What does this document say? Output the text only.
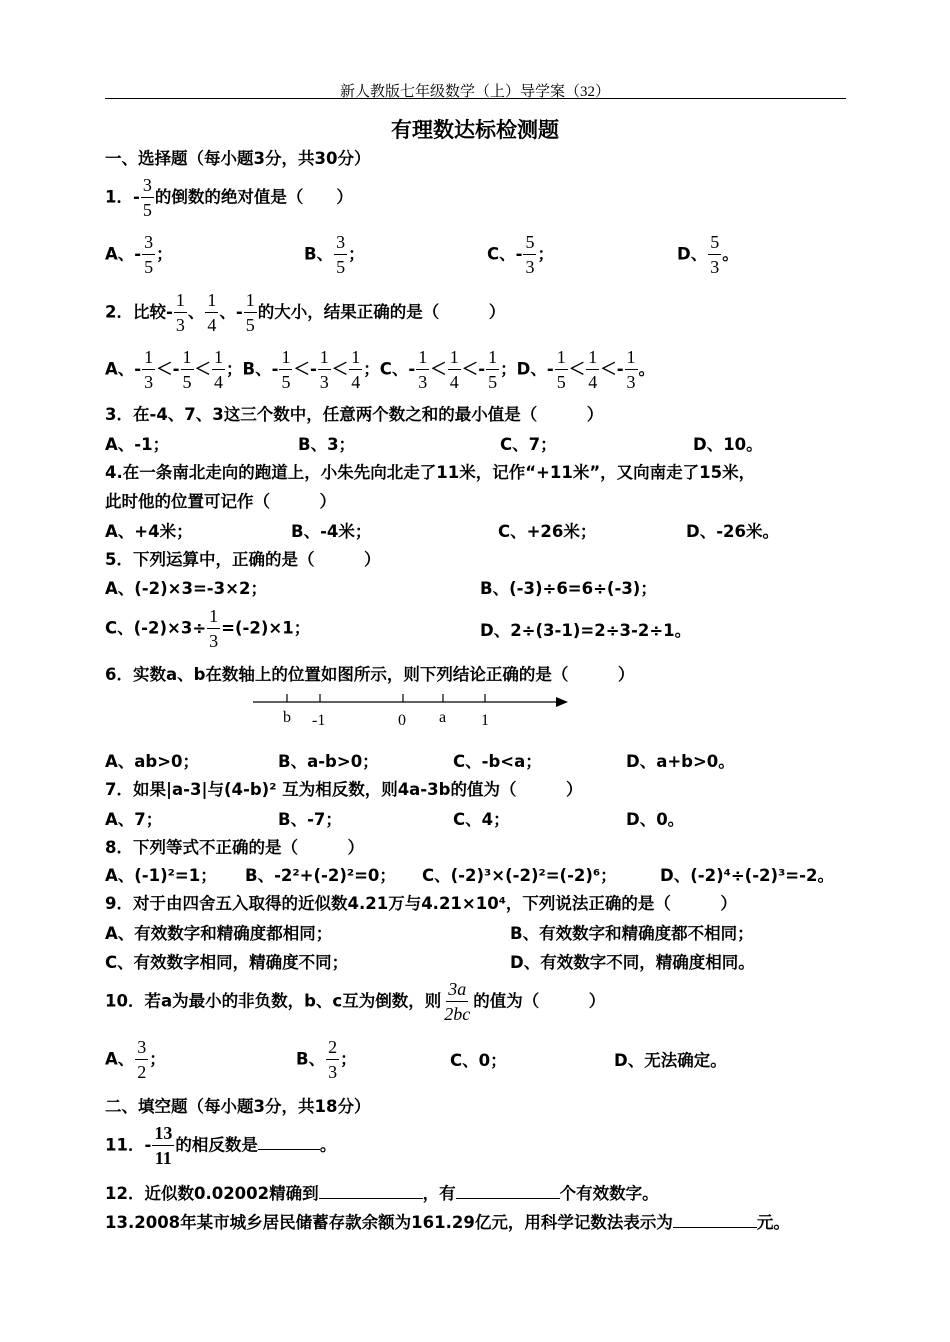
新人教版七年级数学（上）导学案（32）
有理数达标检测题
一、选择题（每小题3分，共30分）
1．- $\frac{3}{5}$ 的倒数的绝对值是（　　）
A、- $\frac{3}{5}$ ；	B、 $\frac{3}{5}$ ；	C、- $\frac{5}{3}$ ；	D、 $\frac{5}{3}$ 。
2．比较- $\frac{1}{3}$ 、 $\frac{1}{4}$ 、- $\frac{1}{5}$ 的大小，结果正确的是（　　　）
A、- $\frac{1}{3} <- \frac{1}{5} < \frac{1}{4}$ ；B、- $\frac{1}{5} <- \frac{1}{3} < \frac{1}{4}$ ；C、- $\frac{1}{3} < \frac{1}{4} <- \frac{1}{5}$ ；D、- $\frac{1}{5} < \frac{1}{4} <- \frac{1}{3}$ 。
3．在-4、7、3这三个数中，任意两个数之和的最小值是（　　　）
A、-1；	B、3；	C、7；	D、10。
4.在一条南北走向的跑道上，小朱先向北走了11米，记作“+11米”，又向南走了15米，
此时他的位置可记作（　　　）
A、+4米；	B、-4米；	C、+26米；	D、-26米。
5．下列运算中，正确的是（　　　）
A、(-2)×3=-3×2；	B、(-3)÷6=6÷(-3)；
C、$(-2)\times 3\div \frac{1}{3} =(-2)\times 1$；	D、2÷(3-1)=2÷3-2÷1。
6．实数a、b在数轴上的位置如图所示，则下列结论正确的是（　　　）
b -1	0 a 1
A、ab>0；	B、a-b>0；	C、-b<a；	D、a+b>0。
7．如果|a-3|与(4-b)² 互为相反数，则4a-3b的值为（　　　）
A、7；	B、-7；	C、4；	D、0。
8．下列等式不正确的是（　　　）
A、(-1)²=1； B、-2²+(-2)²=0； C、(-2)³×(-2)²=(-2)⁶；	D、(-2)⁴÷(-2)³=-2。
9．对于由四舍五入取得的近似数4.21万与4.21×10⁴，下列说法正确的是（　　　）
A、有效数字和精确度都相同；	B、有效数字和精确度都不相同；
C、有效数字相同，精确度不同；	D、有效数字不同，精确度相同。
10．若a为最小的非负数，b、c互为倒数，则 $\frac{3a}{2bc}$ 的值为（　　　）
A、 $\frac{3}{2}$ ；	B、 $\frac{2}{3}$ ；	C、0；	D、无法确定。
二、填空题（每小题3分，共18分）
11．- $\frac{13}{11}$ 的相反数是	。
12．近似数0.02002精确到	，有	个有效数字。
13.2008年某市城乡居民储蓄存款余额为161.29亿元，用科学记数法表示为	元。
